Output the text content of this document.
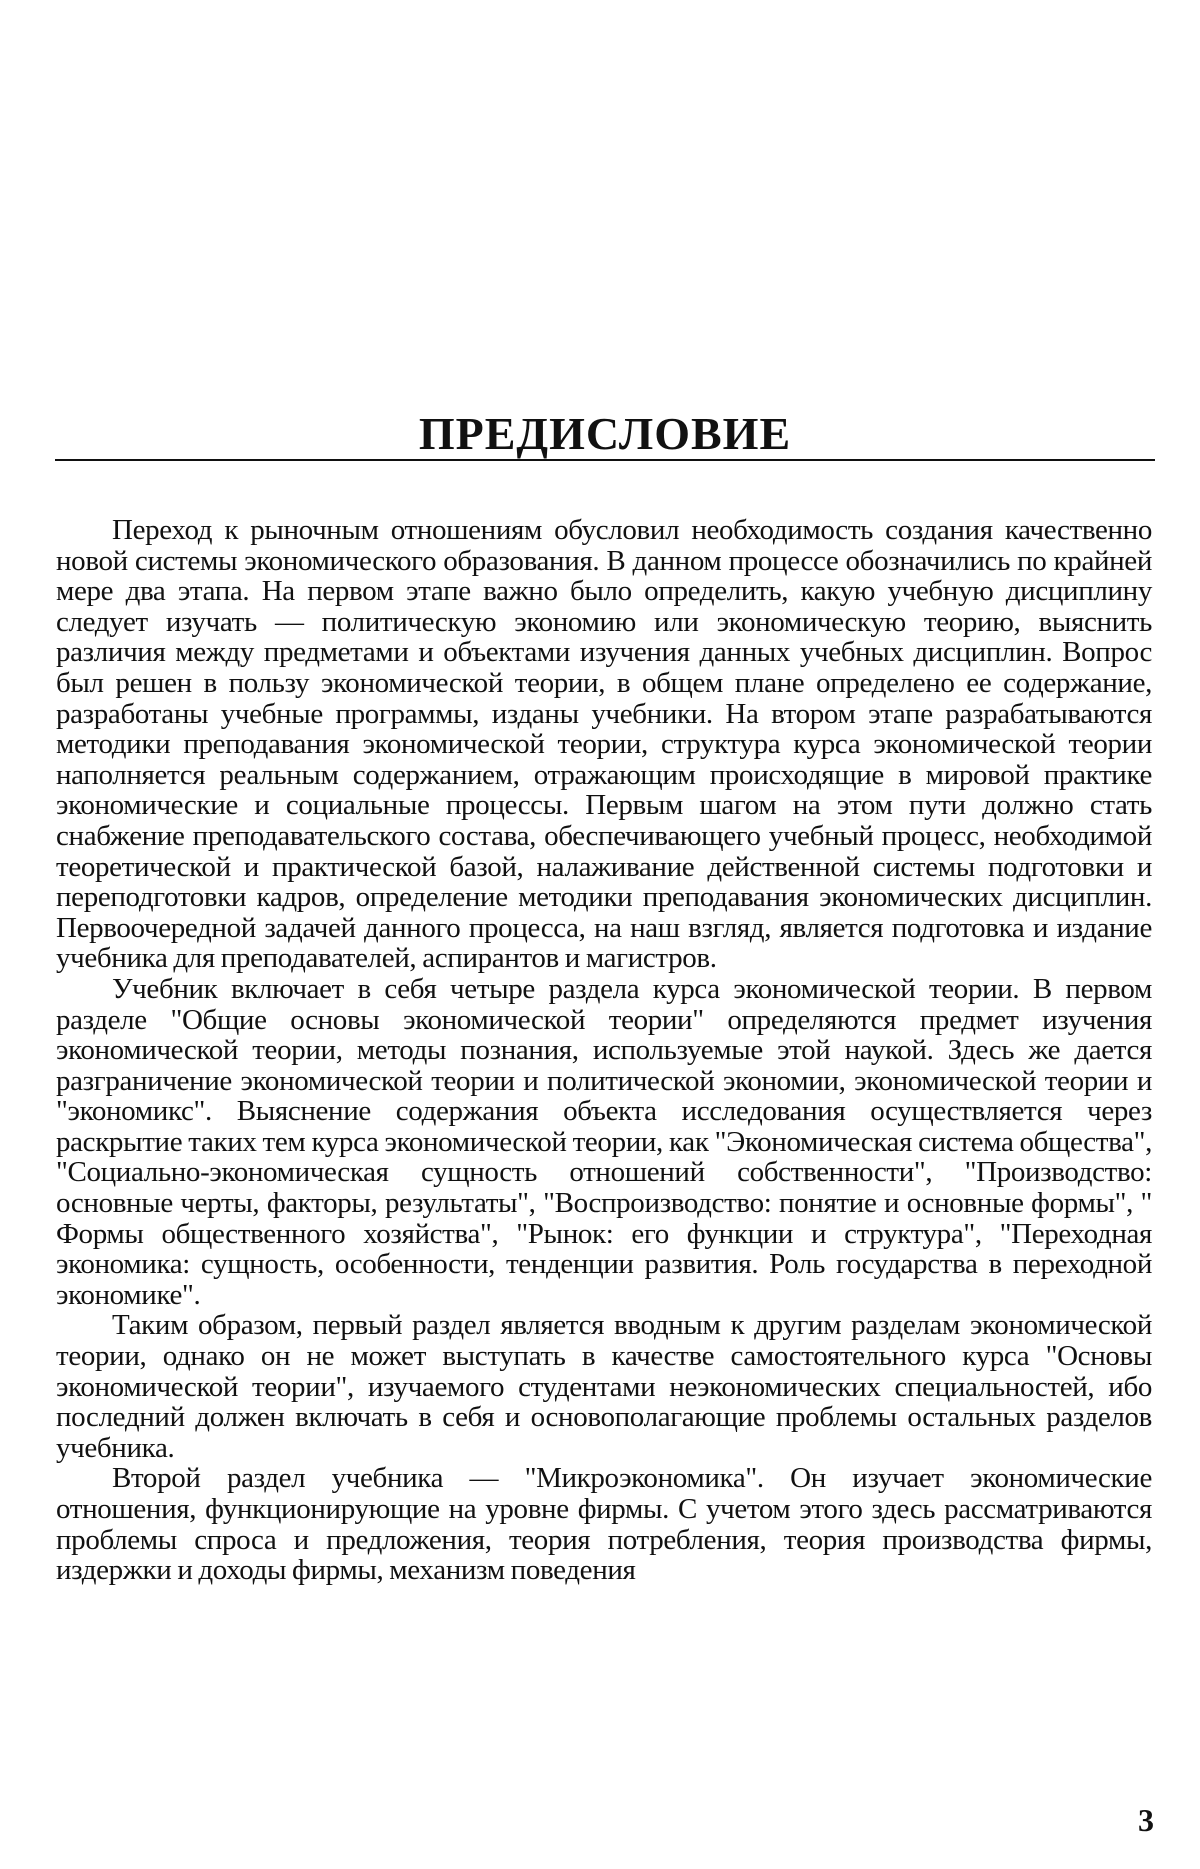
ПРЕДИСЛОВИЕ

Переход к рыночным отношениям обусловил необходимость создания качественно новой системы экономического образования. В данном процессе обозначились по крайней мере два этапа. На первом этапе важно было определить, какую учебную дисциплину следует изучать — политическую экономию или экономическую теорию, выяснить различия между предметами и объектами изучения данных учебных дисциплин. Вопрос был решен в пользу экономической теории, в общем плане определено ее содержание, разработаны учебные программы, изданы учебники. На втором этапе разрабатываются методики преподавания экономической теории, структура курса экономической теории наполняется реальным содержанием, отражающим происходящие в мировой практике экономические и социальные процессы. Первым шагом на этом пути должно стать снабжение преподавательского состава, обеспечивающего учебный процесс, необходимой теоретической и практической базой, налаживание действенной системы подготовки и переподготовки кадров, определение методики преподавания экономических дисциплин. Первоочередной задачей данного процесса, на наш взгляд, является подготовка и издание учебника для преподавателей, аспирантов и магистров.

Учебник включает в себя четыре раздела курса экономической теории. В первом разделе "Общие основы экономической теории" определяются предмет изучения экономической теории, методы познания, используемые этой наукой. Здесь же дается разграничение экономической теории и политической экономии, экономической теории и "экономикс". Выяснение содержания объекта исследования осуществляется через раскрытие таких тем курса экономической теории, как "Экономическая система общества", "Социально-экономическая сущность отношений собственности", "Производство: основные черты, факторы, результаты", "Воспроизводство: понятие и основные формы", " Формы общественного хозяйства", "Рынок: его функции и структура", "Переходная экономика: сущность, особенности, тенденции развития. Роль государства в переходной экономике".

Таким образом, первый раздел является вводным к другим разделам экономической теории, однако он не может выступать в качестве самостоятельного курса "Основы экономической теории", изучаемого студентами неэкономических специальностей, ибо последний должен включать в себя и основополагающие проблемы остальных разделов учебника.

Второй раздел учебника — "Микроэкономика". Он изучает экономические отношения, функционирующие на уровне фирмы. С учетом этого здесь рассматриваются проблемы спроса и предложения, теория потребления, теория производства фирмы, издержки и доходы фирмы, механизм поведения

3
